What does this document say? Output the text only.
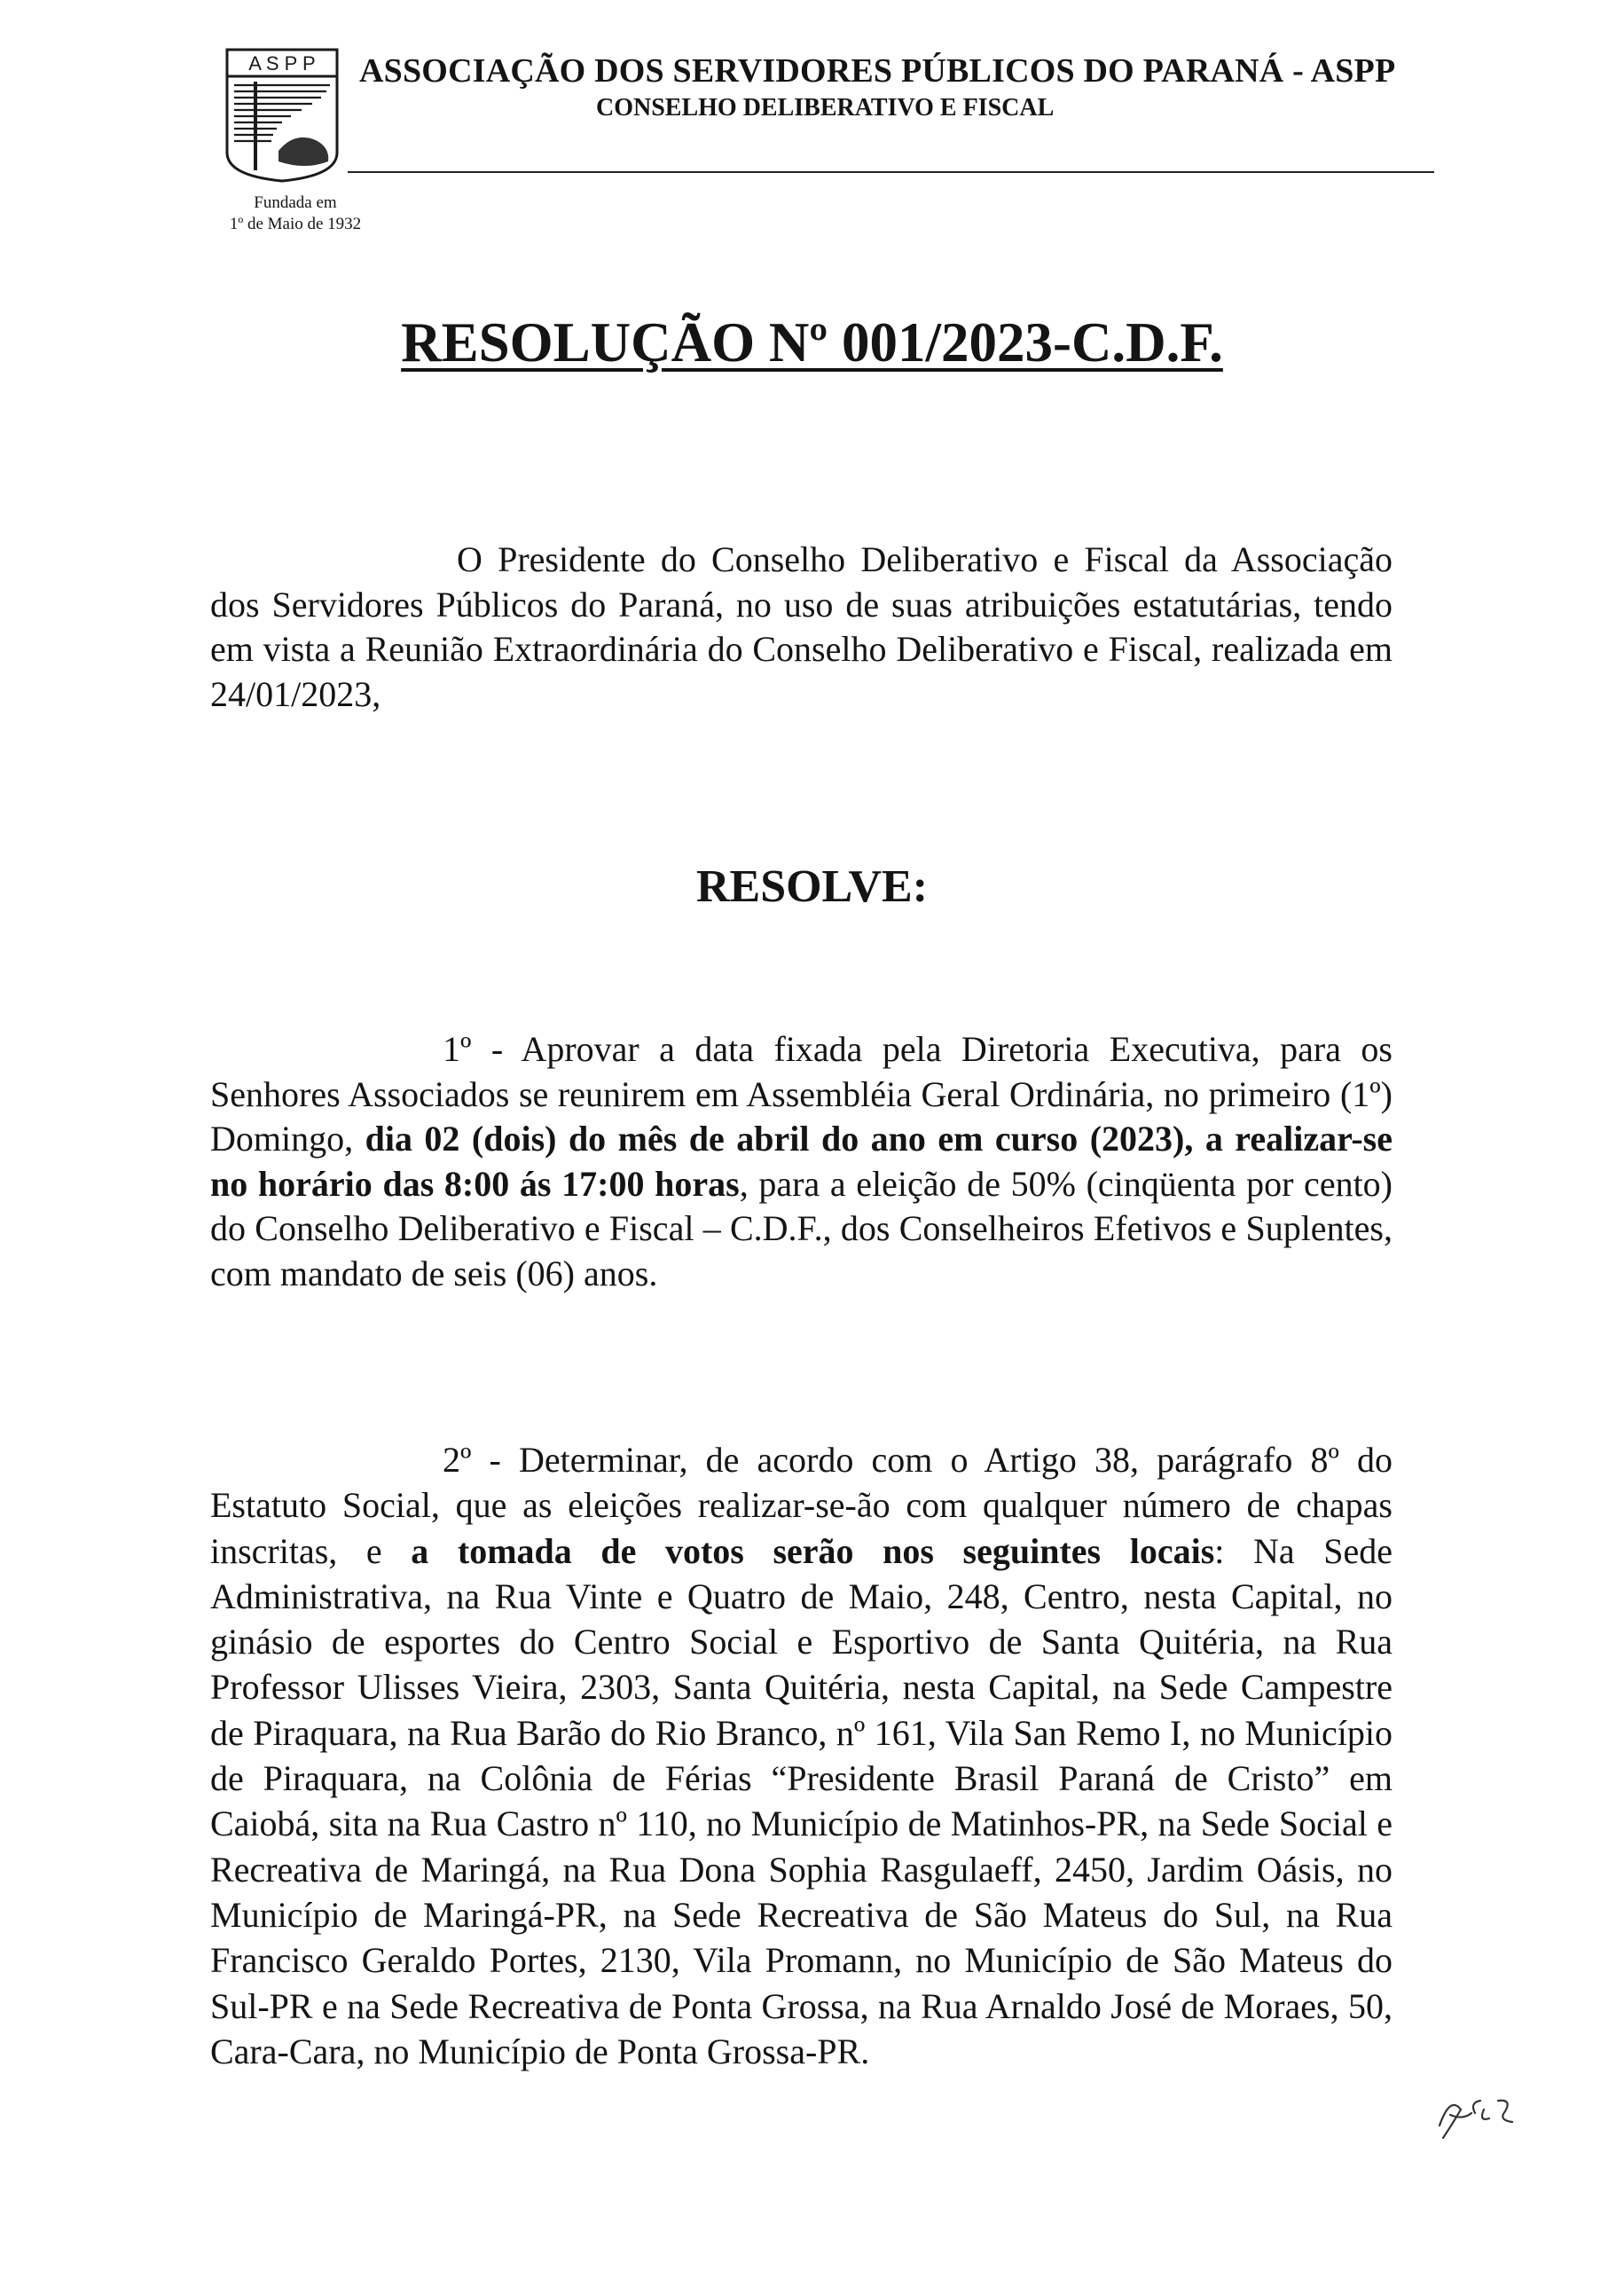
A S P P
Fundada em
1º de Maio de 1932
ASSOCIAÇÃO DOS SERVIDORES PÚBLICOS DO PARANÁ - ASPP
CONSELHO DELIBERATIVO E FISCAL
RESOLUÇÃO Nº 001/2023-C.D.F.
O Presidente do Conselho Deliberativo e Fiscal da Associação dos Servidores Públicos do Paraná, no uso de suas atribuições estatutárias, tendo em vista a Reunião Extraordinária do Conselho Deliberativo e Fiscal, realizada em 24/01/2023,
RESOLVE:
1º - Aprovar a data fixada pela Diretoria Executiva, para os Senhores Associados se reunirem em Assembléia Geral Ordinária, no primeiro (1º) Domingo, dia 02 (dois) do mês de abril do ano em curso (2023), a realizar-se no horário das 8:00 ás 17:00 horas, para a eleição de 50% (cinqüenta por cento) do Conselho Deliberativo e Fiscal – C.D.F., dos Conselheiros Efetivos e Suplentes, com mandato de seis (06) anos.
2º - Determinar, de acordo com o Artigo 38, parágrafo 8º do Estatuto Social, que as eleições realizar-se-ão com qualquer número de chapas inscritas, e a tomada de votos serão nos seguintes locais: Na Sede Administrativa, na Rua Vinte e Quatro de Maio, 248, Centro, nesta Capital, no ginásio de esportes do Centro Social e Esportivo de Santa Quitéria, na Rua Professor Ulisses Vieira, 2303, Santa Quitéria, nesta Capital, na Sede Campestre de Piraquara, na Rua Barão do Rio Branco, nº 161, Vila San Remo I, no Município de Piraquara, na Colônia de Férias “Presidente Brasil Paraná de Cristo” em Caiobá, sita na Rua Castro nº 110, no Município de Matinhos-PR, na Sede Social e Recreativa de Maringá, na Rua Dona Sophia Rasgulaeff, 2450, Jardim Oásis, no Município de Maringá-PR, na Sede Recreativa de São Mateus do Sul, na Rua Francisco Geraldo Portes, 2130, Vila Promann, no Município de São Mateus do Sul-PR e na Sede Recreativa de Ponta Grossa, na Rua Arnaldo José de Moraes, 50, Cara-Cara, no Município de Ponta Grossa-PR.
